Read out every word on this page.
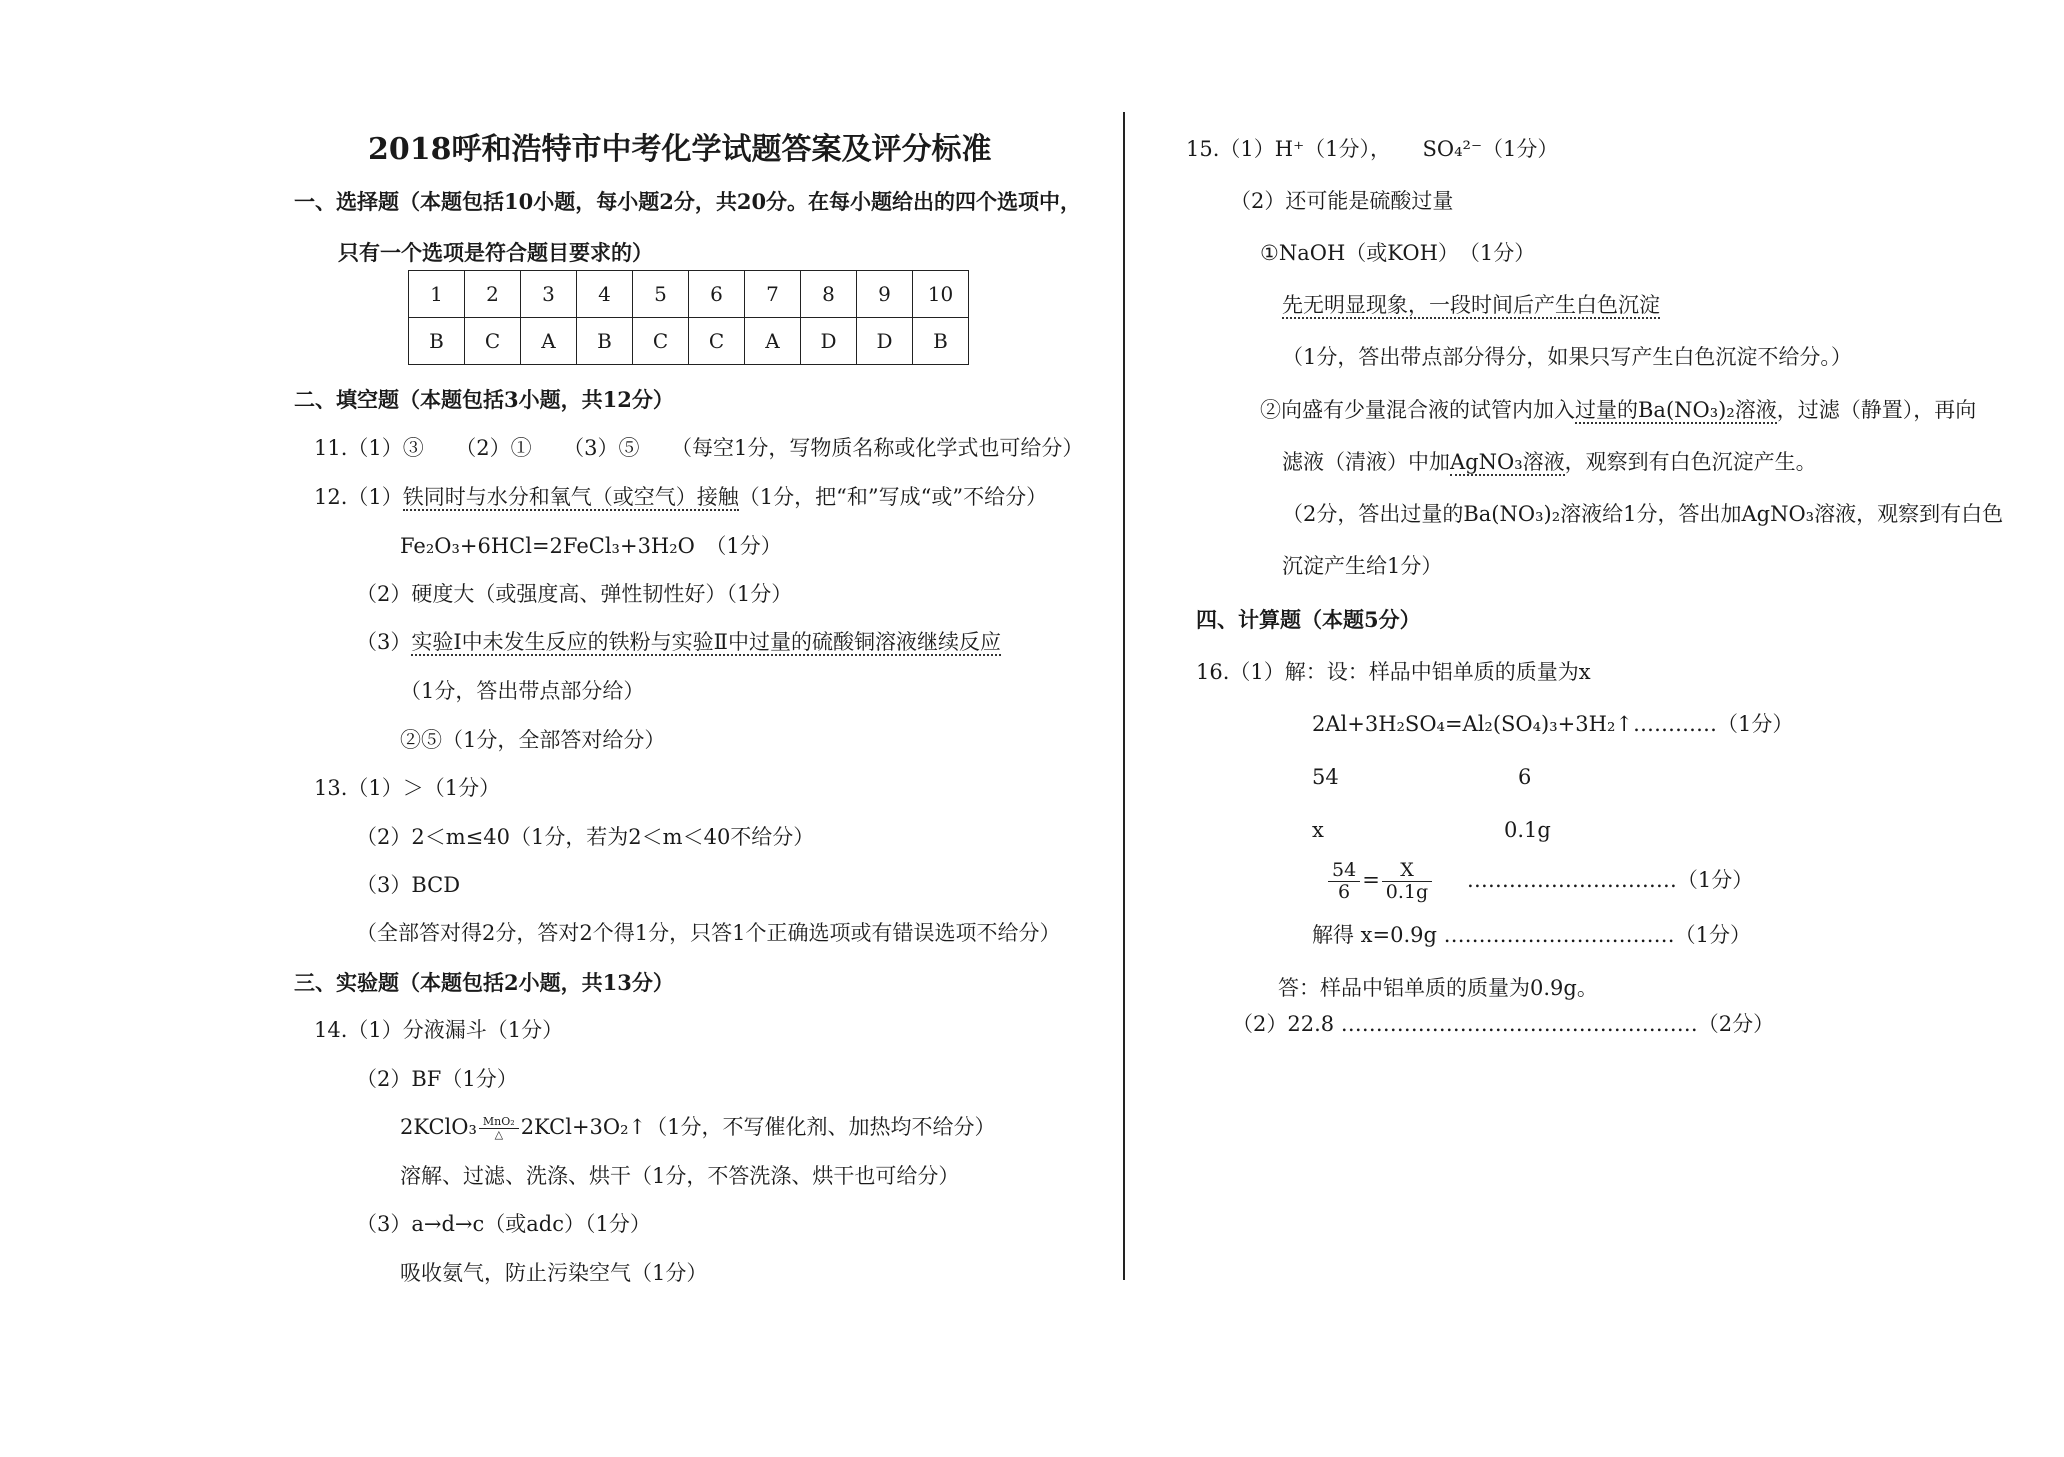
2018呼和浩特市中考化学试题答案及评分标准
一、选择题（本题包括10小题，每小题2分，共20分。在每小题给出的四个选项中，
只有一个选项是符合题目要求的）
1	2	3	4	5	6	7	8	9	10
B	C	A	B	C	C	A	D	D	B
二、填空题（本题包括3小题，共12分）
11.（1）③　　（2）①　　（3）⑤　　（每空1分，写物质名称或化学式也可给分）
12.（1）铁同时与水分和氧气（或空气）接触（1分，把“和”写成“或”不给分）
Fe₂O₃+6HCl=2FeCl₃+3H₂O　（1分）
（2）硬度大（或强度高、弹性韧性好）（1分）
（3）实验Ⅰ中未发生反应的铁粉与实验Ⅱ中过量的硫酸铜溶液继续反应
（1分，答出带点部分给）
②⑤（1分，全部答对给分）
13.（1）＞（1分）
（2）2＜m≤40（1分，若为2＜m＜40不给分）
（3）BCD
（全部答对得2分，答对2个得1分，只答1个正确选项或有错误选项不给分）
三、实验题（本题包括2小题，共13分）
14.（1）分液漏斗（1分）
（2）BF（1分）
2KClO₃ $\frac{\text{MnO₂}}{\triangle}$ 2KCl+3O₂↑（1分，不写催化剂、加热均不给分）
溶解、过滤、洗涤、烘干（1分，不答洗涤、烘干也可给分）
（3）a→d→c（或adc）（1分）
吸收氨气，防止污染空气（1分）
15.（1）H⁺（1分），　　SO₄²⁻（1分）
（2）还可能是硫酸过量
①NaOH（或KOH）　（1分）
先无明显现象，一段时间后产生白色沉淀
（1分，答出带点部分得分，如果只写产生白色沉淀不给分。）
②向盛有少量混合液的试管内加入过量的Ba(NO₃)₂溶液，过滤（静置），再向
滤液（清液）中加AgNO₃溶液，观察到有白色沉淀产生。
（2分，答出过量的Ba(NO₃)₂溶液给1分，答出加AgNO₃溶液，观察到有白色
沉淀产生给1分）
四、计算题（本题5分）
16.（1）解：设：样品中铝单质的质量为x
2Al+3H₂SO₄=Al₂(SO₄)₃+3H₂↑…………（1分）
54	6
x	0.1g
$\frac{54}{6} = \frac{X}{0.1g}$ …………………………（1分）
解得 x=0.9g ……………………………（1分）
答：样品中铝单质的质量为0.9g。
（2）22.8 ……………………………………………（2分）
